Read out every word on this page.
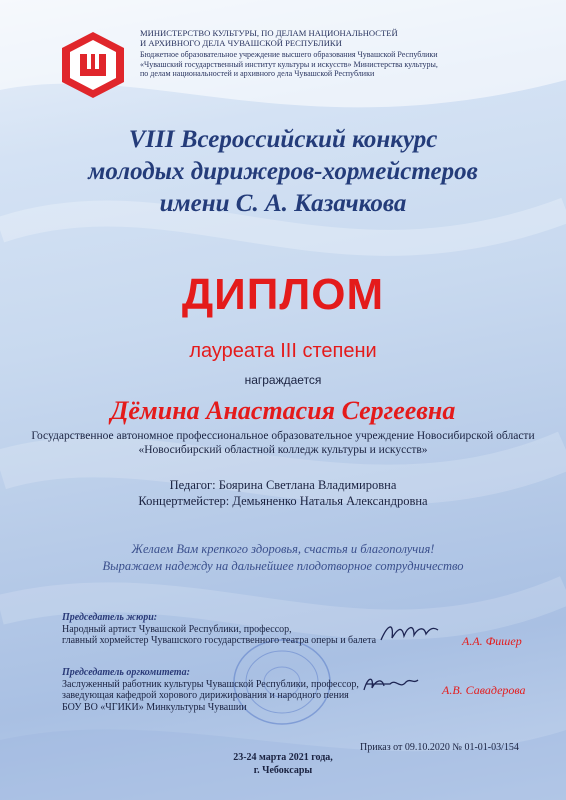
МИНИСТЕРСТВО КУЛЬТУРЫ, ПО ДЕЛАМ НАЦИОНАЛЬНОСТЕЙ
И АРХИВНОГО ДЕЛА ЧУВАШСКОЙ РЕСПУБЛИКИ
Бюджетное образовательное учреждение высшего образования Чувашской Республики
«Чувашский государственный институт культуры и искусств» Министерства культуры,
по делам национальностей и архивного дела Чувашской Республики
VIII Всероссийский конкурс
молодых дирижеров-хормейстеров
имени С. А. Казачкова
ДИПЛОМ
лауреата III степени
награждается
Дёмина Анастасия Сергеевна
Государственное автономное профессиональное образовательное учреждение Новосибирской области
«Новосибирский областной колледж культуры и искусств»
Педагог: Боярина Светлана Владимировна
Концертмейстер: Демьяненко Наталья Александровна
Желаем Вам крепкого здоровья, счастья и благополучия!
Выражаем надежду на дальнейшее плодотворное сотрудничество
Председатель жюри:
Народный артист Чувашской Республики, профессор,
главный хормейстер Чувашского государственного театра оперы и балета	А.А. Фишер
Председатель оргкомитета:
Заслуженный работник культуры Чувашской Республики, профессор,
заведующая кафедрой хорового дирижирования и народного пения
БОУ ВО «ЧГИКИ» Минкультуры Чувашии
А.В. Савадерова
Приказ от 09.10.2020 № 01-01-03/154
23-24 марта 2021 года,
г. Чебоксары
